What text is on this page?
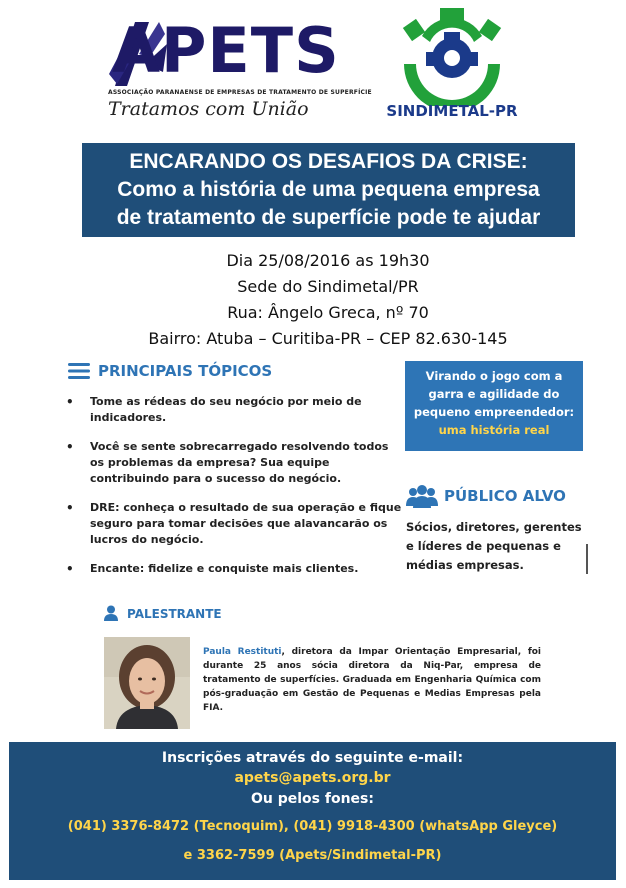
APETS
ASSOCIAÇÃO PARANAENSE DE EMPRESAS DE TRATAMENTO DE SUPERFÍCIE
Tratamos com União	SINDIMETAL-PR
ENCARANDO OS DESAFIOS DA CRISE:
Como a história de uma pequena empresa
de tratamento de superfície pode te ajudar
Dia 25/08/2016 as 19h30
Sede do Sindimetal/PR
Rua: Ângelo Greca, nº 70
Bairro: Atuba – Curitiba-PR – CEP 82.630-145
PRINCIPAIS TÓPICOS
• Tome as rédeas do seu negócio por meio de indicadores.
• Você se sente sobrecarregado resolvendo todos os problemas da empresa? Sua equipe contribuindo para o sucesso do negócio.
• DRE: conheça o resultado de sua operação e fique seguro para tomar decisões que alavancarão os lucros do negócio.
• Encante: fidelize e conquiste mais clientes.
Virando o jogo com a garra e agilidade do pequeno empreendedor:
uma história real
PÚBLICO ALVO
Sócios, diretores, gerentes e líderes de pequenas e médias empresas.
PALESTRANTE
Paula Restituti, diretora da Impar Orientação Empresarial, foi durante 25 anos sócia diretora da Niq-Par, empresa de tratamento de superfícies. Graduada em Engenharia Química com pós-graduação em Gestão de Pequenas e Medias Empresas pela FIA.
Inscrições através do seguinte e-mail:
apets@apets.org.br
Ou pelos fones:
(041) 3376-8472 (Tecnoquim), (041) 9918-4300 (whatsApp Gleyce)
e 3362-7599 (Apets/Sindimetal-PR)
